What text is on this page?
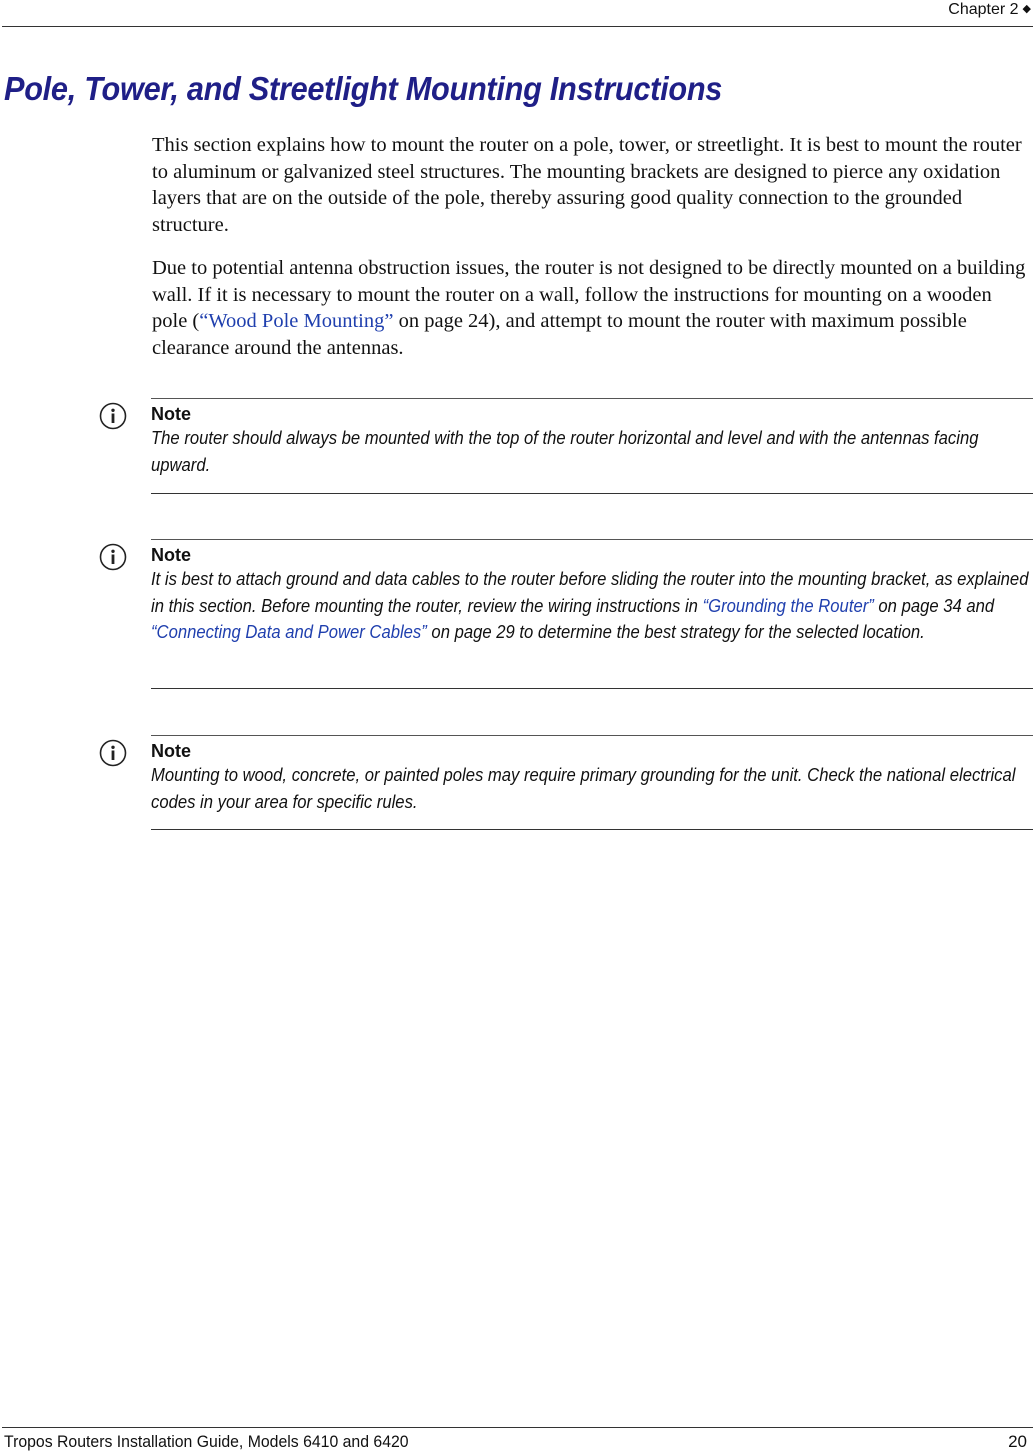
Chapter 2 ◆
Pole, Tower, and Streetlight Mounting Instructions

This section explains how to mount the router on a pole, tower, or streetlight. It is best to mount the router to aluminum or galvanized steel structures. The mounting brackets are designed to pierce any oxidation layers that are on the outside of the pole, thereby assuring good quality connection to the grounded structure.

Due to potential antenna obstruction issues, the router is not designed to be directly mounted on a building wall. If it is necessary to mount the router on a wall, follow the instructions for mounting on a wooden pole (“Wood Pole Mounting” on page 24), and attempt to mount the router with maximum possible clearance around the antennas.

Note
The router should always be mounted with the top of the router horizontal and level and with the antennas facing upward.
Note
It is best to attach ground and data cables to the router before sliding the router into the mounting bracket, as explained in this section. Before mounting the router, review the wiring instructions in “Grounding the Router” on page 34 and “Connecting Data and Power Cables” on page 29 to determine the best strategy for the selected location.
Note
Mounting to wood, concrete, or painted poles may require primary grounding for the unit. Check the national electrical codes in your area for specific rules.
Tropos Routers Installation Guide, Models 6410 and 6420	20
